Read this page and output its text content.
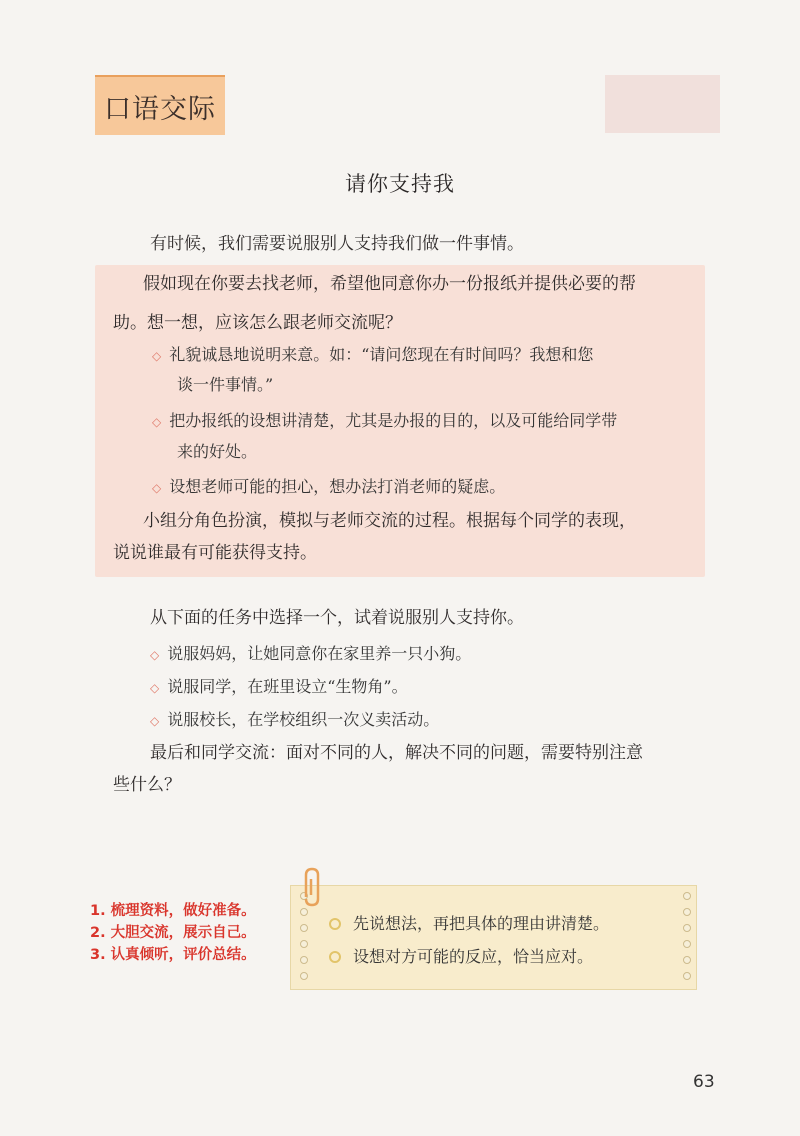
口语交际
请你支持我
有时候，我们需要说服别人支持我们做一件事情。
假如现在你要去找老师，希望他同意你办一份报纸并提供必要的帮
助。想一想，应该怎么跟老师交流呢？
◇ 礼貌诚恳地说明来意。如：“请问您现在有时间吗？我想和您
谈一件事情。”
◇ 把办报纸的设想讲清楚，尤其是办报的目的，以及可能给同学带
来的好处。
◇ 设想老师可能的担心，想办法打消老师的疑虑。
小组分角色扮演，模拟与老师交流的过程。根据每个同学的表现，
说说谁最有可能获得支持。
从下面的任务中选择一个，试着说服别人支持你。
◇ 说服妈妈，让她同意你在家里养一只小狗。
◇ 说服同学，在班里设立“生物角”。
◇ 说服校长，在学校组织一次义卖活动。
最后和同学交流：面对不同的人，解决不同的问题，需要特别注意
些什么？
1. 梳理资料，做好准备。
2. 大胆交流，展示自己。
3. 认真倾听，评价总结。
先说想法，再把具体的理由讲清楚。
设想对方可能的反应，恰当应对。
63
